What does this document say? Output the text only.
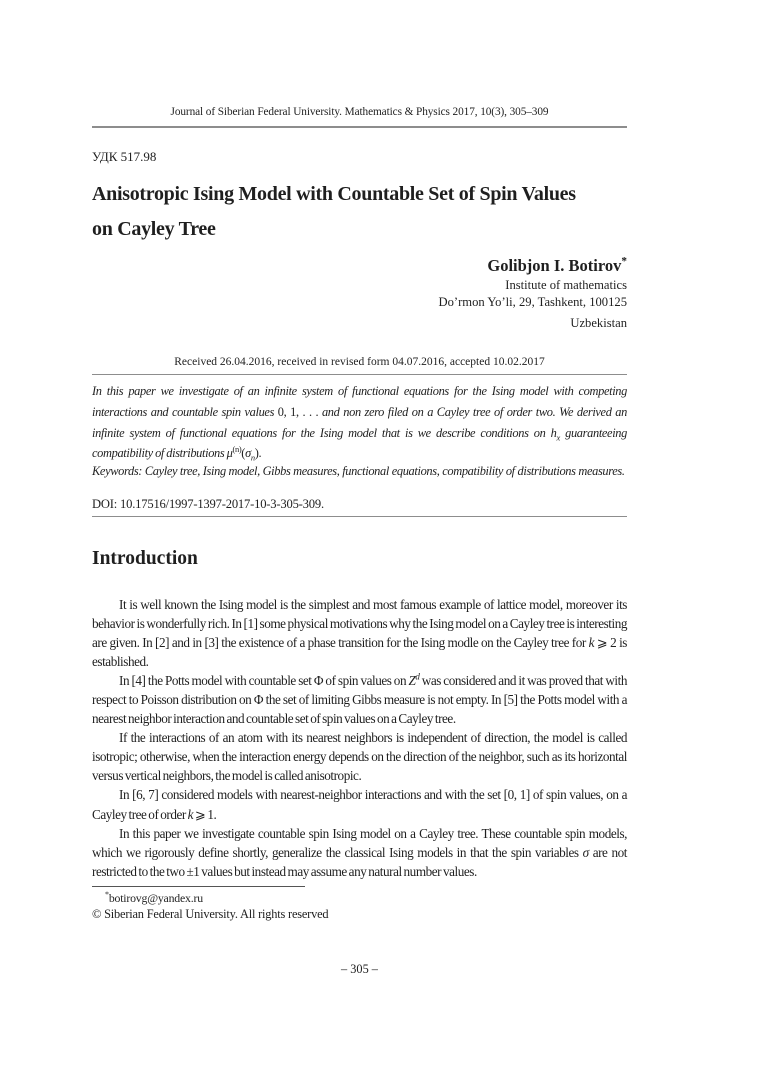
Journal of Siberian Federal University. Mathematics & Physics 2017, 10(3), 305–309
УДК 517.98
Anisotropic Ising Model with Countable Set of Spin Values
on Cayley Tree
Golibjon I. Botirov*
Institute of mathematics
Do’rmon Yo’li, 29, Tashkent, 100125
Uzbekistan
Received 26.04.2016, received in revised form 04.07.2016, accepted 10.02.2017
In this paper we investigate of an infinite system of functional equations for the Ising model with competing interactions and countable spin values 0, 1, . . . and non zero filed on a Cayley tree of order two. We derived an infinite system of functional equations for the Ising model that is we describe conditions on $h_x$ guaranteeing compatibility of distributions $\mu^{(n)}(\sigma_n)$.
Keywords: Cayley tree, Ising model, Gibbs measures, functional equations, compatibility of distributions measures.
DOI: 10.17516/1997-1397-2017-10-3-305-309.
Introduction

It is well known the Ising model is the simplest and most famous example of lattice model, moreover its behavior is wonderfully rich. In [1] some physical motivations why the Ising model on a Cayley tree is interesting are given. In [2] and in [3] the existence of a phase transition for the Ising modle on the Cayley tree for k ⩾ 2 is established.

In [4] the Potts model with countable set Φ of spin values on $Z^d$ was considered and it was proved that with respect to Poisson distribution on Φ the set of limiting Gibbs measure is not empty. In [5] the Potts model with a nearest neighbor interaction and countable set of spin values on a Cayley tree.

If the interactions of an atom with its nearest neighbors is independent of direction, the model is called isotropic; otherwise, when the interaction energy depends on the direction of the neighbor, such as its horizontal versus vertical neighbors, the model is called anisotropic.

In [6, 7] considered models with nearest-neighbor interactions and with the set [0, 1] of spin values, on a Cayley tree of order k ⩾ 1.

In this paper we investigate countable spin Ising model on a Cayley tree. These countable spin models, which we rigorously define shortly, generalize the classical Ising models in that the spin variables σ are not restricted to the two ±1 values but instead may assume any natural number values.

*botirovg@yandex.ru
© Siberian Federal University. All rights reserved
– 305 –
